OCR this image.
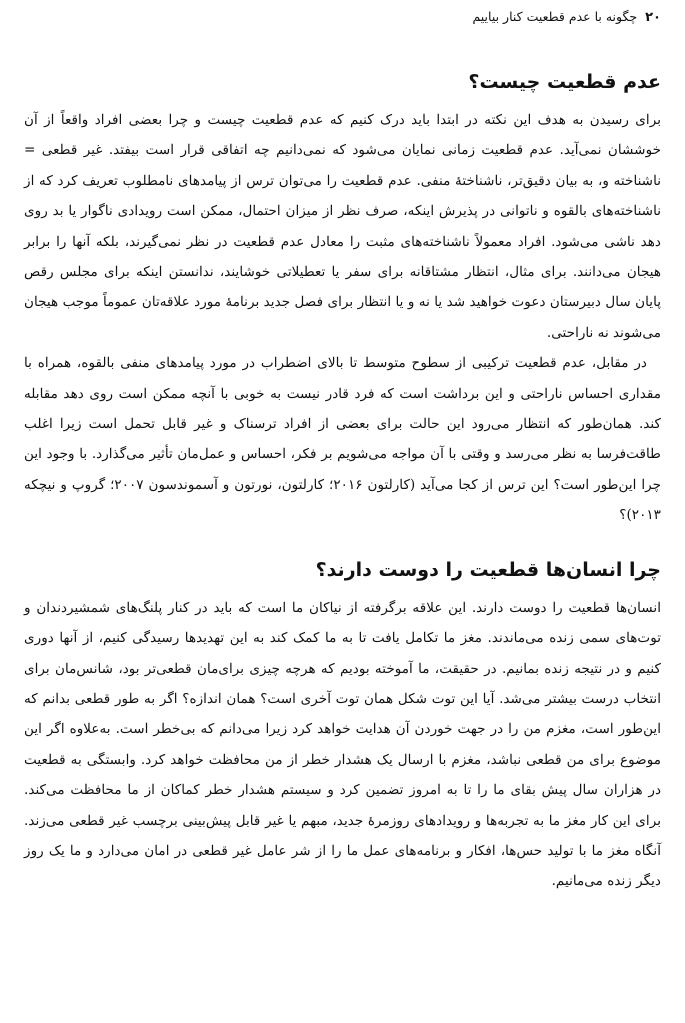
۲۰
چگونه با عدم قطعیت کنار بیاییم
عدم قطعیت چیست؟

برای رسیدن به هدف این نکته در ابتدا باید درک کنیم که عدم قطعیت چیست و چرا بعضی افراد واقعاً از آن خوششان نمی‌آید. عدم قطعیت زمانی نمایان می‌شود که نمی‌دانیم چه اتفاقی قرار است بیفتد. غیر قطعی = ناشناخته و، به بیان دقیق‌تر، ناشناختهٔ منفی. عدم قطعیت را می‌توان ترس از پیامدهای نامطلوب تعریف کرد که از ناشناخته‌های بالقوه و ناتوانی در پذیرش اینکه، صرف نظر از میزان احتمال، ممکن است رویدادی ناگوار یا بد روی دهد ناشی می‌شود. افراد معمولاً ناشناخته‌های مثبت را معادل عدم قطعیت در نظر نمی‌گیرند، بلکه آنها را برابر هیجان می‌دانند. برای مثال، انتظار مشتاقانه برای سفر یا تعطیلاتی خوشایند، ندانستن اینکه برای مجلس رقص پایان سال دبیرستان دعوت خواهید شد یا نه و یا انتظار برای فصل جدید برنامهٔ مورد علاقه‌تان عموماً موجب هیجان می‌شوند نه ناراحتی.

در مقابل، عدم قطعیت ترکیبی از سطوح متوسط تا بالای اضطراب در مورد پیامدهای منفی بالقوه، همراه با مقداری احساس ناراحتی و این برداشت است که فرد قادر نیست به خوبی با آنچه ممکن است روی دهد مقابله کند. همان‌طور که انتظار می‌رود این حالت برای بعضی از افراد ترسناک و غیر قابل تحمل است زیرا اغلب طاقت‌فرسا به نظر می‌رسد و وقتی با آن مواجه می‌شویم بر فکر، احساس و عمل‌مان تأثیر می‌گذارد. با وجود این چرا این‌طور است؟ این ترس از کجا می‌آید (کارلتون ۲۰۱۶؛ کارلتون، نورتون و آسموندسون ۲۰۰۷؛ گروپ و نیچکه ۲۰۱۳)؟

چرا انسان‌ها قطعیت را دوست دارند؟

انسان‌ها قطعیت را دوست دارند. این علاقه برگرفته از نیاکان ما است که باید در کنار پلنگ‌های شمشیردندان و توت‌های سمی زنده می‌ماندند. مغز ما تکامل یافت تا به ما کمک کند به این تهدیدها رسیدگی کنیم، از آنها دوری کنیم و در نتیجه زنده بمانیم. در حقیقت، ما آموخته بودیم که هرچه چیزی برای‌مان قطعی‌تر بود، شانس‌مان برای انتخاب درست بیشتر می‌شد. آیا این توت شکل همان توت آخری است؟ همان اندازه؟ اگر به طور قطعی بدانم که این‌طور است، مغزم من را در جهت خوردن آن هدایت خواهد کرد زیرا می‌دانم که بی‌خطر است. به‌علاوه اگر این موضوع برای من قطعی نباشد، مغزم با ارسال یک هشدار خطر از من محافظت خواهد کرد. وابستگی به قطعیت در هزاران سال پیش بقای ما را تا به امروز تضمین کرد و سیستم هشدار خطر کماکان از ما محافظت می‌کند. برای این کار مغز ما به تجربه‌ها و رویدادهای روزمرهٔ جدید، مبهم یا غیر قابل پیش‌بینی برچسب غیر قطعی می‌زند. آنگاه مغز ما با تولید حس‌ها، افکار و برنامه‌های عمل ما را از شر عامل غیر قطعی در امان می‌دارد و ما یک روز دیگر زنده می‌مانیم.
